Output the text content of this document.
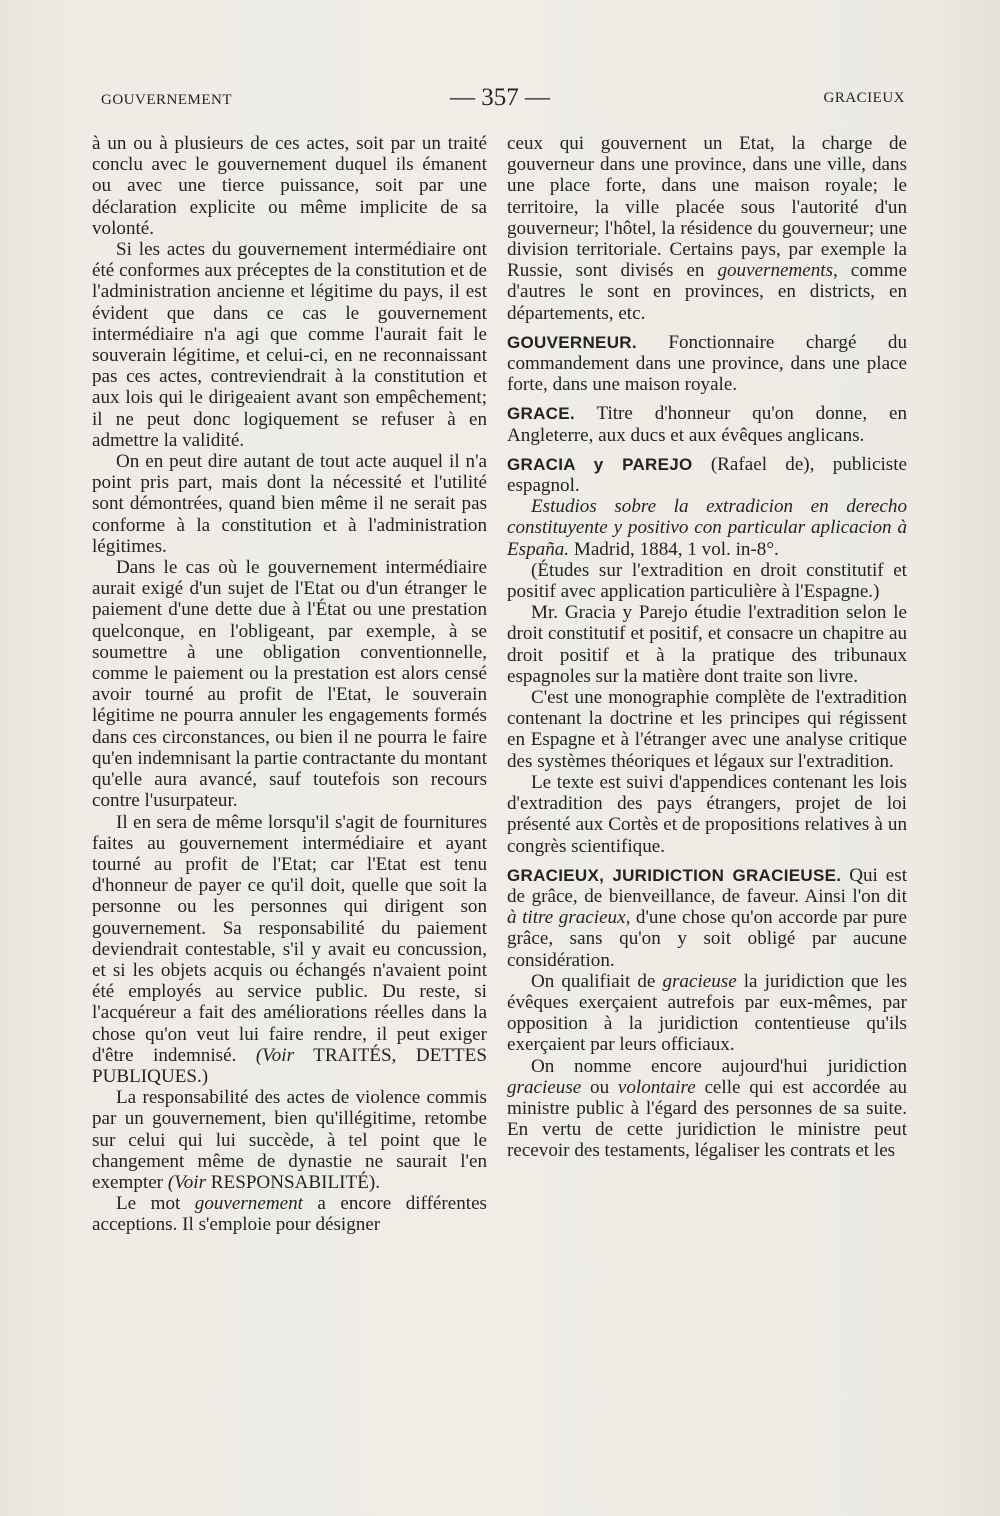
GOUVERNEMENT	— 357 —	GRACIEUX

à un ou à plusieurs de ces actes, soit par un traité conclu avec le gouvernement duquel ils émanent ou avec une tierce puissance, soit par une déclaration explicite ou même implicite de sa volonté.

Si les actes du gouvernement intermédiaire ont été conformes aux préceptes de la constitution et de l'administration ancienne et légitime du pays, il est évident que dans ce cas le gouvernement intermédiaire n'a agi que comme l'aurait fait le souverain légitime, et celui-ci, en ne reconnaissant pas ces actes, contreviendrait à la constitution et aux lois qui le dirigeaient avant son empêchement; il ne peut donc logiquement se refuser à en admettre la validité.

On en peut dire autant de tout acte auquel il n'a point pris part, mais dont la nécessité et l'utilité sont démontrées, quand bien même il ne serait pas conforme à la constitution et à l'administration légitimes.

Dans le cas où le gouvernement intermédiaire aurait exigé d'un sujet de l'Etat ou d'un étranger le paiement d'une dette due à l'État ou une prestation quelconque, en l'obligeant, par exemple, à se soumettre à une obligation conventionnelle, comme le paiement ou la prestation est alors censé avoir tourné au profit de l'Etat, le souverain légitime ne pourra annuler les engagements formés dans ces circonstances, ou bien il ne pourra le faire qu'en indemnisant la partie contractante du montant qu'elle aura avancé, sauf toutefois son recours contre l'usurpateur.

Il en sera de même lorsqu'il s'agit de fournitures faites au gouvernement intermédiaire et ayant tourné au profit de l'Etat; car l'Etat est tenu d'honneur de payer ce qu'il doit, quelle que soit la personne ou les personnes qui dirigent son gouvernement. Sa responsabilité du paiement deviendrait contestable, s'il y avait eu concussion, et si les objets acquis ou échangés n'avaient point été employés au service public. Du reste, si l'acquéreur a fait des améliorations réelles dans la chose qu'on veut lui faire rendre, il peut exiger d'être indemnisé. (Voir TRAITÉS, DETTES PUBLIQUES.)

La responsabilité des actes de violence commis par un gouvernement, bien qu'illégitime, retombe sur celui qui lui succède, à tel point que le changement même de dynastie ne saurait l'en exempter (Voir RESPONSABILITÉ).

Le mot gouvernement a encore différentes acceptions. Il s'emploie pour désigner

ceux qui gouvernent un Etat, la charge de gouverneur dans une province, dans une ville, dans une place forte, dans une maison royale; le territoire, la ville placée sous l'autorité d'un gouverneur; l'hôtel, la résidence du gouverneur; une division territoriale. Certains pays, par exemple la Russie, sont divisés en gouvernements, comme d'autres le sont en provinces, en districts, en départements, etc.

GOUVERNEUR. Fonctionnaire chargé du commandement dans une province, dans une place forte, dans une maison royale.

GRACE. Titre d'honneur qu'on donne, en Angleterre, aux ducs et aux évêques anglicans.

GRACIA y PAREJO (Rafael de), publiciste espagnol.

Estudios sobre la extradicion en derecho constituyente y positivo con particular aplicacion à España. Madrid, 1884, 1 vol. in-8°.

(Études sur l'extradition en droit constitutif et positif avec application particulière à l'Espagne.)

Mr. Gracia y Parejo étudie l'extradition selon le droit constitutif et positif, et consacre un chapitre au droit positif et à la pratique des tribunaux espagnoles sur la matière dont traite son livre.

C'est une monographie complète de l'extradition contenant la doctrine et les principes qui régissent en Espagne et à l'étranger avec une analyse critique des systèmes théoriques et légaux sur l'extradition.

Le texte est suivi d'appendices contenant les lois d'extradition des pays étrangers, projet de loi présenté aux Cortès et de propositions relatives à un congrès scientifique.

GRACIEUX, JURIDICTION GRACIEUSE. Qui est de grâce, de bienveillance, de faveur. Ainsi l'on dit à titre gracieux, d'une chose qu'on accorde par pure grâce, sans qu'on y soit obligé par aucune considération.

On qualifiait de gracieuse la juridiction que les évêques exerçaient autrefois par eux-mêmes, par opposition à la juridiction contentieuse qu'ils exerçaient par leurs officiaux.

On nomme encore aujourd'hui juridiction gracieuse ou volontaire celle qui est accordée au ministre public à l'égard des personnes de sa suite. En vertu de cette juridiction le ministre peut recevoir des testaments, légaliser les contrats et les
